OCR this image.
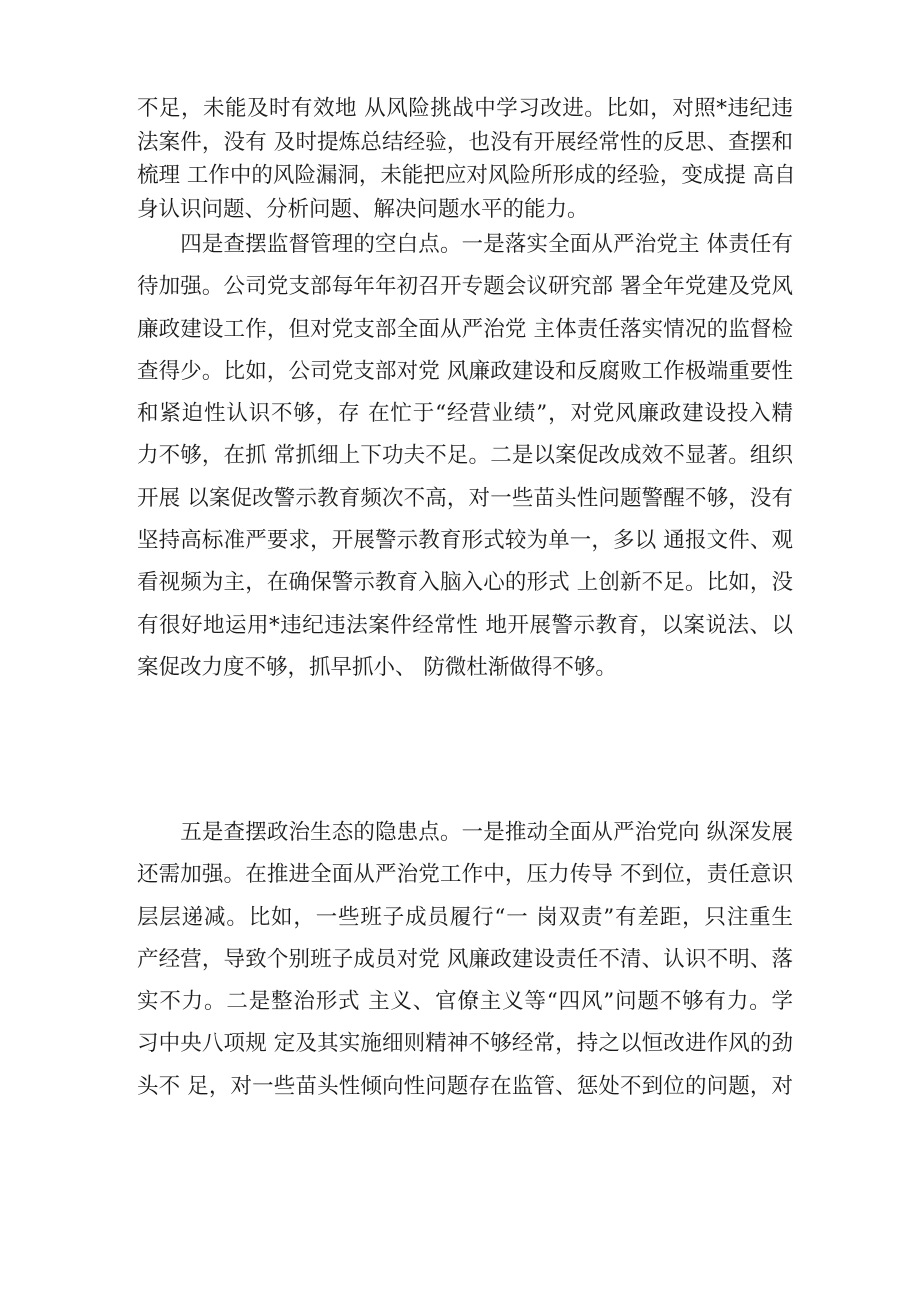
不足，未能及时有效地 从风险挑战中学习改进。比如，对照*违纪违
法案件，没有 及时提炼总结经验，也没有开展经常性的反思、查摆和
梳理 工作中的风险漏洞，未能把应对风险所形成的经验，变成提 高自
身认识问题、分析问题、解决问题水平的能力。
　　四是查摆监督管理的空白点。一是落实全面从严治党主 体责任有
待加强。公司党支部每年年初召开专题会议研究部 署全年党建及党风
廉政建设工作，但对党支部全面从严治党 主体责任落实情况的监督检
查得少。比如，公司党支部对党 风廉政建设和反腐败工作极端重要性
和紧迫性认识不够，存 在忙于“经营业绩”，对党风廉政建设投入精
力不够，在抓 常抓细上下功夫不足。二是以案促改成效不显著。组织
开展 以案促改警示教育频次不高，对一些苗头性问题警醒不够，没有
坚持高标准严要求，开展警示教育形式较为单一，多以 通报文件、观
看视频为主，在确保警示教育入脑入心的形式 上创新不足。比如，没
有很好地运用*违纪违法案件经常性 地开展警示教育，以案说法、以
案促改力度不够，抓早抓小、 防微杜渐做得不够。
　　五是查摆政治生态的隐患点。一是推动全面从严治党向 纵深发展
还需加强。在推进全面从严治党工作中，压力传导 不到位，责任意识
层层递减。比如，一些班子成员履行“一 岗双责”有差距，只注重生
产经营，导致个别班子成员对党 风廉政建设责任不清、认识不明、落
实不力。二是整治形式 主义、官僚主义等“四风”问题不够有力。学
习中央八项规 定及其实施细则精神不够经常，持之以恒改进作风的劲
头不 足，对一些苗头性倾向性问题存在监管、惩处不到位的问题，对
